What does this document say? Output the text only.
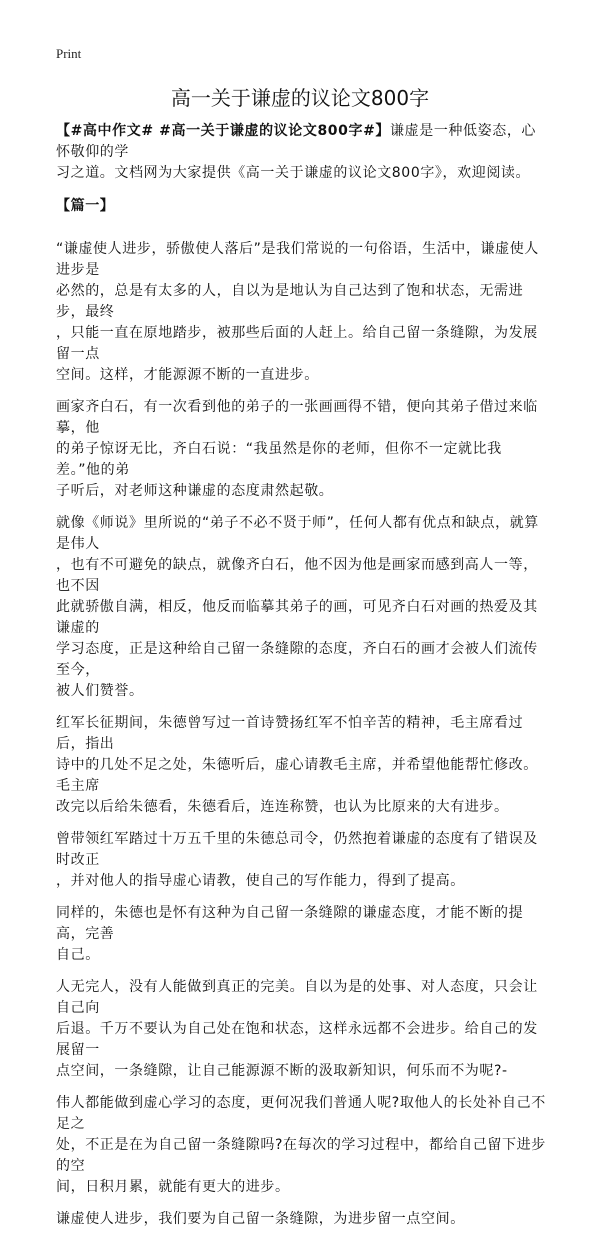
Print
高一关于谦虚的议论文800字
【#高中作文# #高一关于谦虚的议论文800字#】谦虚是一种低姿态，心怀敬仰的学
习之道。文档网为大家提供《高一关于谦虚的议论文800字》，欢迎阅读。
【篇一】
“谦虚使人进步，骄傲使人落后”是我们常说的一句俗语，生活中，谦虚使人进步是
必然的，总是有太多的人，自以为是地认为自己达到了饱和状态，无需进步，最终
，只能一直在原地踏步，被那些后面的人赶上。给自己留一条缝隙，为发展留一点
空间。这样，才能源源不断的一直进步。
画家齐白石，有一次看到他的弟子的一张画画得不错，便向其弟子借过来临摹，他
的弟子惊讶无比，齐白石说：“我虽然是你的老师，但你不一定就比我差。”他的弟
子听后，对老师这种谦虚的态度肃然起敬。
就像《师说》里所说的“弟子不必不贤于师”，任何人都有优点和缺点，就算是伟人
，也有不可避免的缺点，就像齐白石，他不因为他是画家而感到高人一等，也不因
此就骄傲自满，相反，他反而临摹其弟子的画，可见齐白石对画的热爱及其谦虚的
学习态度，正是这种给自己留一条缝隙的态度，齐白石的画才会被人们流传至今，
被人们赞誉。
红军长征期间，朱德曾写过一首诗赞扬红军不怕辛苦的精神，毛主席看过后，指出
诗中的几处不足之处，朱德听后，虚心请教毛主席，并希望他能帮忙修改。毛主席
改完以后给朱德看，朱德看后，连连称赞，也认为比原来的大有进步。
曾带领红军踏过十万五千里的朱德总司令，仍然抱着谦虚的态度有了错误及时改正
，并对他人的指导虚心请教，使自己的写作能力，得到了提高。
同样的，朱德也是怀有这种为自己留一条缝隙的谦虚态度，才能不断的提高，完善
自己。
人无完人，没有人能做到真正的完美。自以为是的处事、对人态度，只会让自己向
后退。千万不要认为自己处在饱和状态，这样永远都不会进步。给自己的发展留一
点空间，一条缝隙，让自己能源源不断的汲取新知识，何乐而不为呢?-
伟人都能做到虚心学习的态度，更何况我们普通人呢?取他人的长处补自己不足之
处，不正是在为自己留一条缝隙吗?在每次的学习过程中，都给自己留下进步的空
间，日积月累，就能有更大的进步。
谦虚使人进步，我们要为自己留一条缝隙，为进步留一点空间。
